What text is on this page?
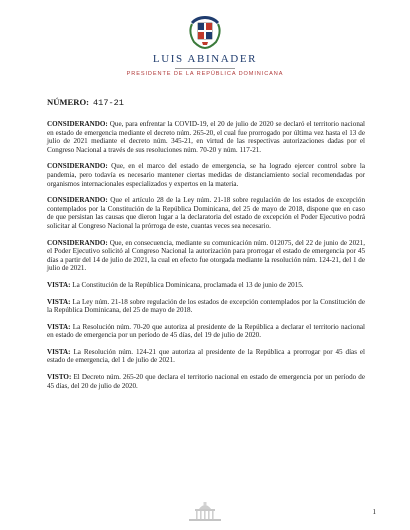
LUIS ABINADER
PRESIDENTE DE LA REPÚBLICA DOMINICANA
NÚMERO: 417-21

CONSIDERANDO: Que, para enfrentar la COVID-19, el 20 de julio de 2020 se declaró el territorio nacional en estado de emergencia mediante el decreto núm. 265-20, el cual fue prorrogado por última vez hasta el 13 de julio de 2021 mediante el decreto núm. 345-21, en virtud de las respectivas autorizaciones dadas por el Congreso Nacional a través de sus resoluciones núm. 70-20 y núm. 117-21.

CONSIDERANDO: Que, en el marco del estado de emergencia, se ha logrado ejercer control sobre la pandemia, pero todavía es necesario mantener ciertas medidas de distanciamiento social recomendadas por organismos internacionales especializados y expertos en la materia.

CONSIDERANDO: Que el artículo 28 de la Ley núm. 21-18 sobre regulación de los estados de excepción contemplados por la Constitución de la República Dominicana, del 25 de mayo de 2018, dispone que en caso de que persistan las causas que dieron lugar a la declaratoria del estado de excepción el Poder Ejecutivo podrá solicitar al Congreso Nacional la prórroga de este, cuantas veces sea necesario.

CONSIDERANDO: Que, en consecuencia, mediante su comunicación núm. 012075, del 22 de junio de 2021, el Poder Ejecutivo solicitó al Congreso Nacional la autorización para prorrogar el estado de emergencia por 45 días a partir del 14 de julio de 2021, la cual en efecto fue otorgada mediante la resolución núm. 124-21, del 1 de julio de 2021.

VISTA: La Constitución de la República Dominicana, proclamada el 13 de junio de 2015.

VISTA: La Ley núm. 21-18 sobre regulación de los estados de excepción contemplados por la Constitución de la República Dominicana, del 25 de mayo de 2018.

VISTA: La Resolución núm. 70-20 que autoriza al presidente de la República a declarar el territorio nacional en estado de emergencia por un período de 45 días, del 19 de julio de 2020.

VISTA: La Resolución núm. 124-21 que autoriza al presidente de la República a prorrogar por 45 días el estado de emergencia, del 1 de julio de 2021.

VISTO: El Decreto núm. 265-20 que declara el territorio nacional en estado de emergencia por un período de 45 días, del 20 de julio de 2020.

1
